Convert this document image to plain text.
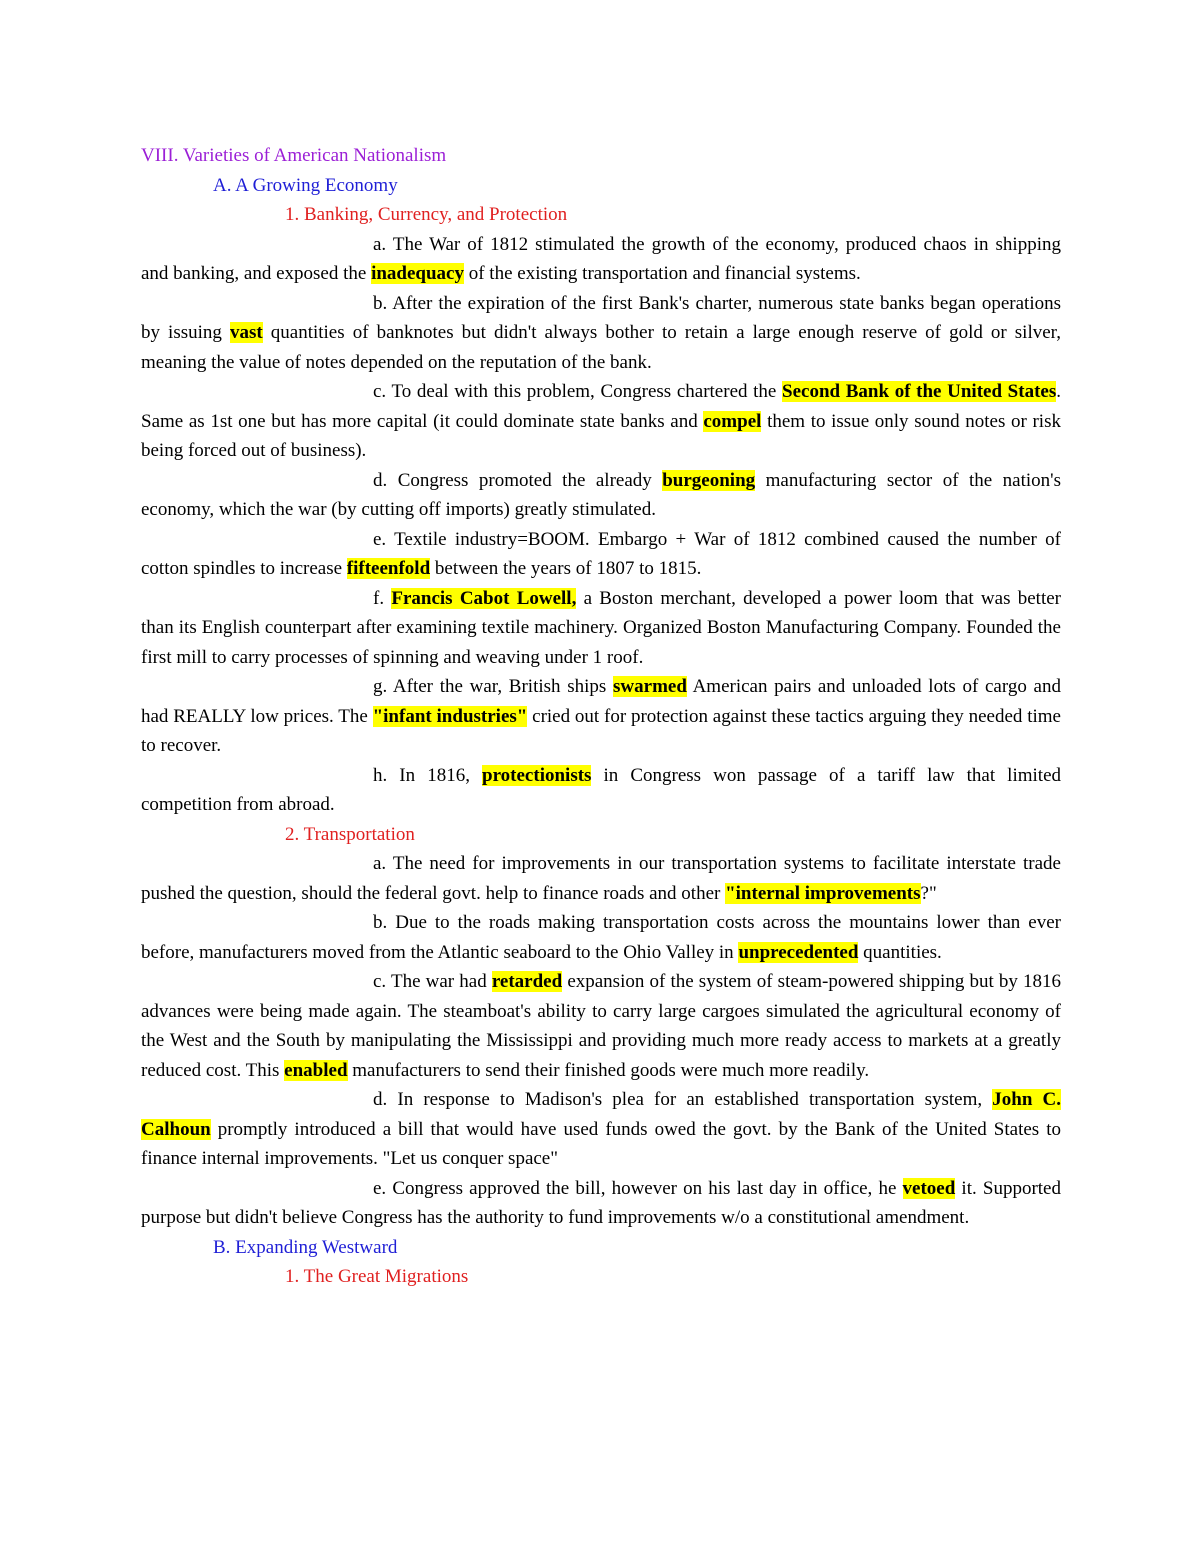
VIII. Varieties of American Nationalism
A. A Growing Economy
1. Banking, Currency, and Protection
a. The War of 1812 stimulated the growth of the economy, produced chaos in shipping and banking, and exposed the inadequacy of the existing transportation and financial systems.
b. After the expiration of the first Bank's charter, numerous state banks began operations by issuing vast quantities of banknotes but didn't always bother to retain a large enough reserve of gold or silver, meaning the value of notes depended on the reputation of the bank.
c. To deal with this problem, Congress chartered the Second Bank of the United States. Same as 1st one but has more capital (it could dominate state banks and compel them to issue only sound notes or risk being forced out of business).
d. Congress promoted the already burgeoning manufacturing sector of the nation's economy, which the war (by cutting off imports) greatly stimulated.
e. Textile industry=BOOM. Embargo + War of 1812 combined caused the number of cotton spindles to increase fifteenfold between the years of 1807 to 1815.
f. Francis Cabot Lowell, a Boston merchant, developed a power loom that was better than its English counterpart after examining textile machinery. Organized Boston Manufacturing Company. Founded the first mill to carry processes of spinning and weaving under 1 roof.
g. After the war, British ships swarmed American pairs and unloaded lots of cargo and had REALLY low prices. The "infant industries" cried out for protection against these tactics arguing they needed time to recover.
h. In 1816, protectionists in Congress won passage of a tariff law that limited competition from abroad.
2. Transportation
a. The need for improvements in our transportation systems to facilitate interstate trade pushed the question, should the federal govt. help to finance roads and other "internal improvements?"
b. Due to the roads making transportation costs across the mountains lower than ever before, manufacturers moved from the Atlantic seaboard to the Ohio Valley in unprecedented quantities.
c. The war had retarded expansion of the system of steam-powered shipping but by 1816 advances were being made again. The steamboat's ability to carry large cargoes simulated the agricultural economy of the West and the South by manipulating the Mississippi and providing much more ready access to markets at a greatly reduced cost. This enabled manufacturers to send their finished goods were much more readily.
d. In response to Madison's plea for an established transportation system, John C. Calhoun promptly introduced a bill that would have used funds owed the govt. by the Bank of the United States to finance internal improvements. "Let us conquer space"
e. Congress approved the bill, however on his last day in office, he vetoed it. Supported purpose but didn't believe Congress has the authority to fund improvements w/o a constitutional amendment.
B. Expanding Westward
1. The Great Migrations
